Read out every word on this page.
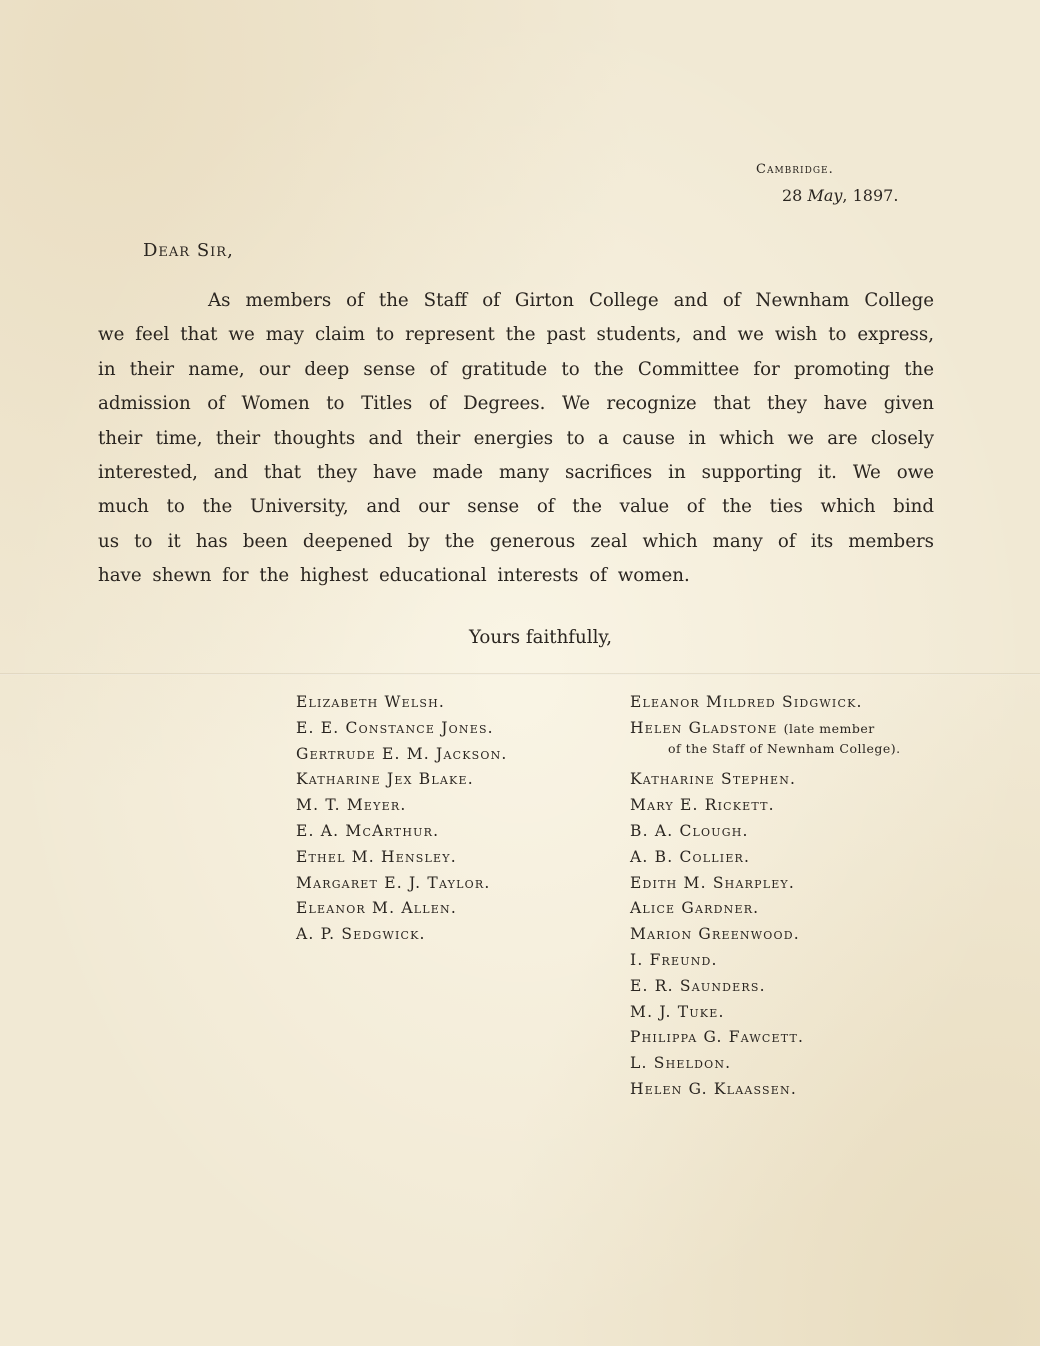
Cambridge.
28 May, 1897.
Dear Sir,
As members of the Staff of Girton College and of Newnham College
we feel that we may claim to represent the past students, and we wish to express,
in their name, our deep sense of gratitude to the Committee for promoting the
admission of Women to Titles of Degrees. We recognize that they have given
their time, their thoughts and their energies to a cause in which we are closely
interested, and that they have made many sacrifices in supporting it. We owe
much to the University, and our sense of the value of the ties which bind
us to it has been deepened by the generous zeal which many of its members
have shewn for the highest educational interests of women.
Yours faithfully,
Elizabeth Welsh.
E. E. Constance Jones.
Gertrude E. M. Jackson.
Katharine Jex Blake.
M. T. Meyer.
E. A. McArthur.
Ethel M. Hensley.
Margaret E. J. Taylor.
Eleanor M. Allen.
A. P. Sedgwick.
Eleanor Mildred Sidgwick.
Helen Gladstone (late member
of the Staff of Newnham College).
Katharine Stephen.
Mary E. Rickett.
B. A. Clough.
A. B. Collier.
Edith M. Sharpley.
Alice Gardner.
Marion Greenwood.
I. Freund.
E. R. Saunders.
M. J. Tuke.
Philippa G. Fawcett.
L. Sheldon.
Helen G. Klaassen.
